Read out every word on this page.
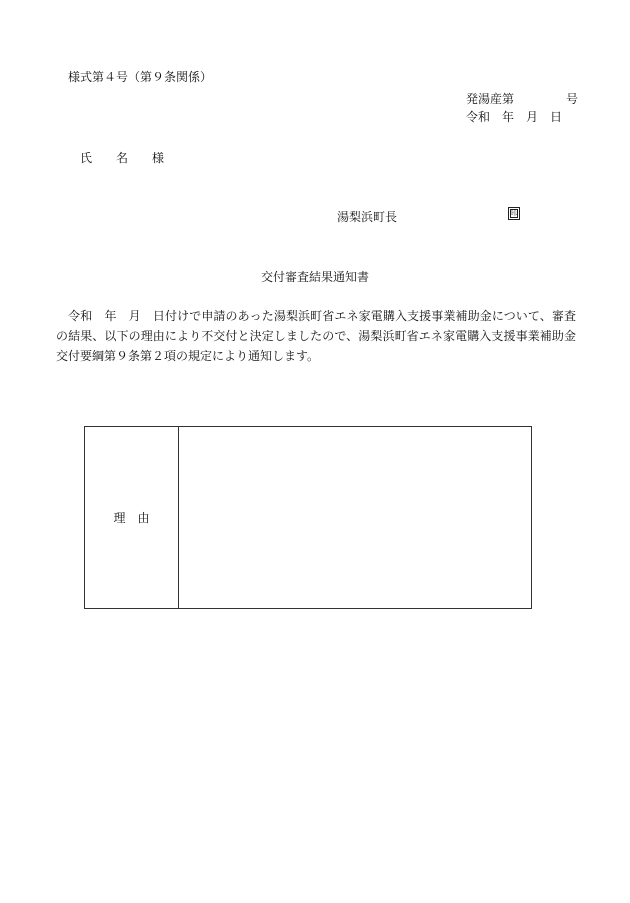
様式第４号（第９条関係）
発湯産第	号
令和　年　月　日
氏　　名　　様
湯梨浜町長	印
交付審査結果通知書
　令和　年　月　日付けで申請のあった湯梨浜町省エネ家電購入支援事業補助金について、審査の結果、以下の理由により不交付と決定しましたので、湯梨浜町省エネ家電購入支援事業補助金交付要綱第９条第２項の規定により通知します。
理　由
